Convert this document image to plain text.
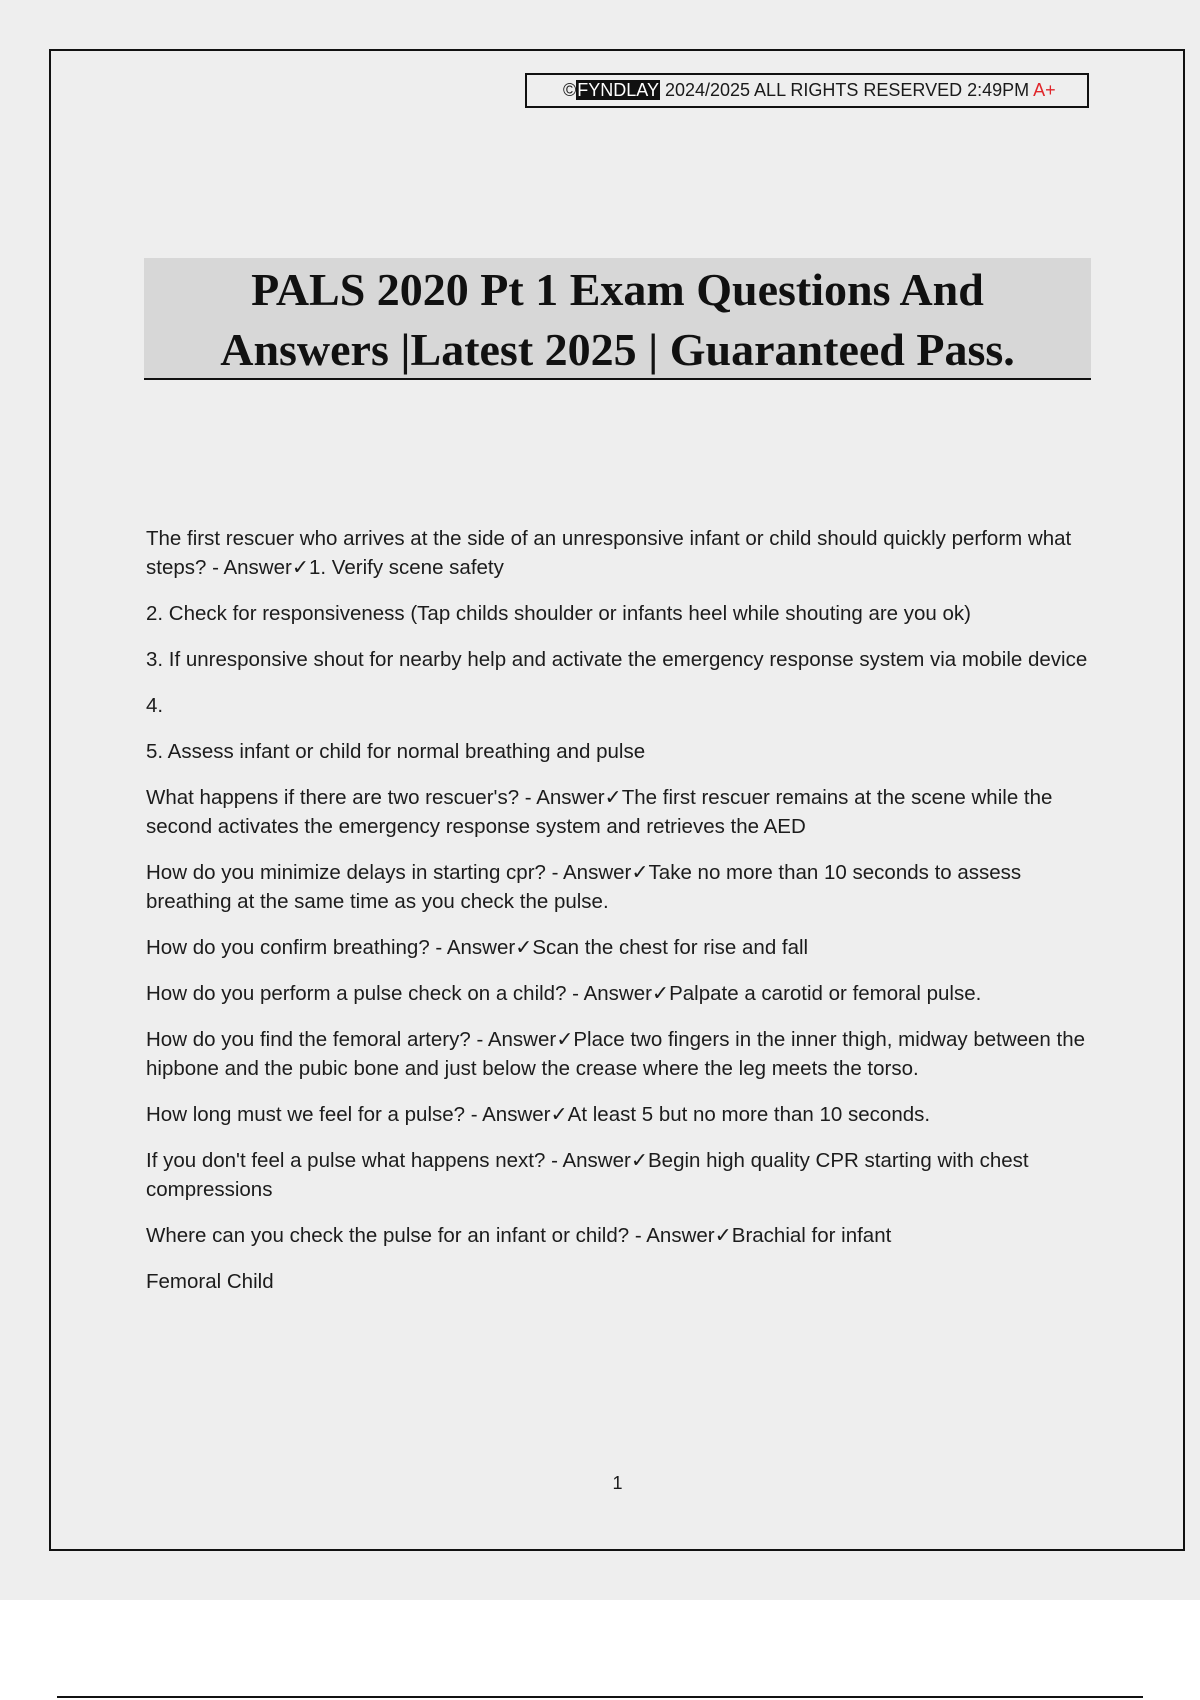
©FYNDLAY 2024/2025 ALL RIGHTS RESERVED 2:49PM A+
PALS 2020 Pt 1 Exam Questions And
Answers |Latest 2025 | Guaranteed Pass.

The first rescuer who arrives at the side of an unresponsive infant or child should quickly perform what steps? - Answer✓1. Verify scene safety

2. Check for responsiveness (Tap childs shoulder or infants heel while shouting are you ok)

3. If unresponsive shout for nearby help and activate the emergency response system via mobile device

4.

5. Assess infant or child for normal breathing and pulse

What happens if there are two rescuer's? - Answer✓The first rescuer remains at the scene while the second activates the emergency response system and retrieves the AED

How do you minimize delays in starting cpr? - Answer✓Take no more than 10 seconds to assess breathing at the same time as you check the pulse.

How do you confirm breathing? - Answer✓Scan the chest for rise and fall

How do you perform a pulse check on a child? - Answer✓Palpate a carotid or femoral pulse.

How do you find the femoral artery? - Answer✓Place two fingers in the inner thigh, midway between the hipbone and the pubic bone and just below the crease where the leg meets the torso.

How long must we feel for a pulse? - Answer✓At least 5 but no more than 10 seconds.

If you don't feel a pulse what happens next? - Answer✓Begin high quality CPR starting with chest compressions

Where can you check the pulse for an infant or child? - Answer✓Brachial for infant

Femoral Child

1
